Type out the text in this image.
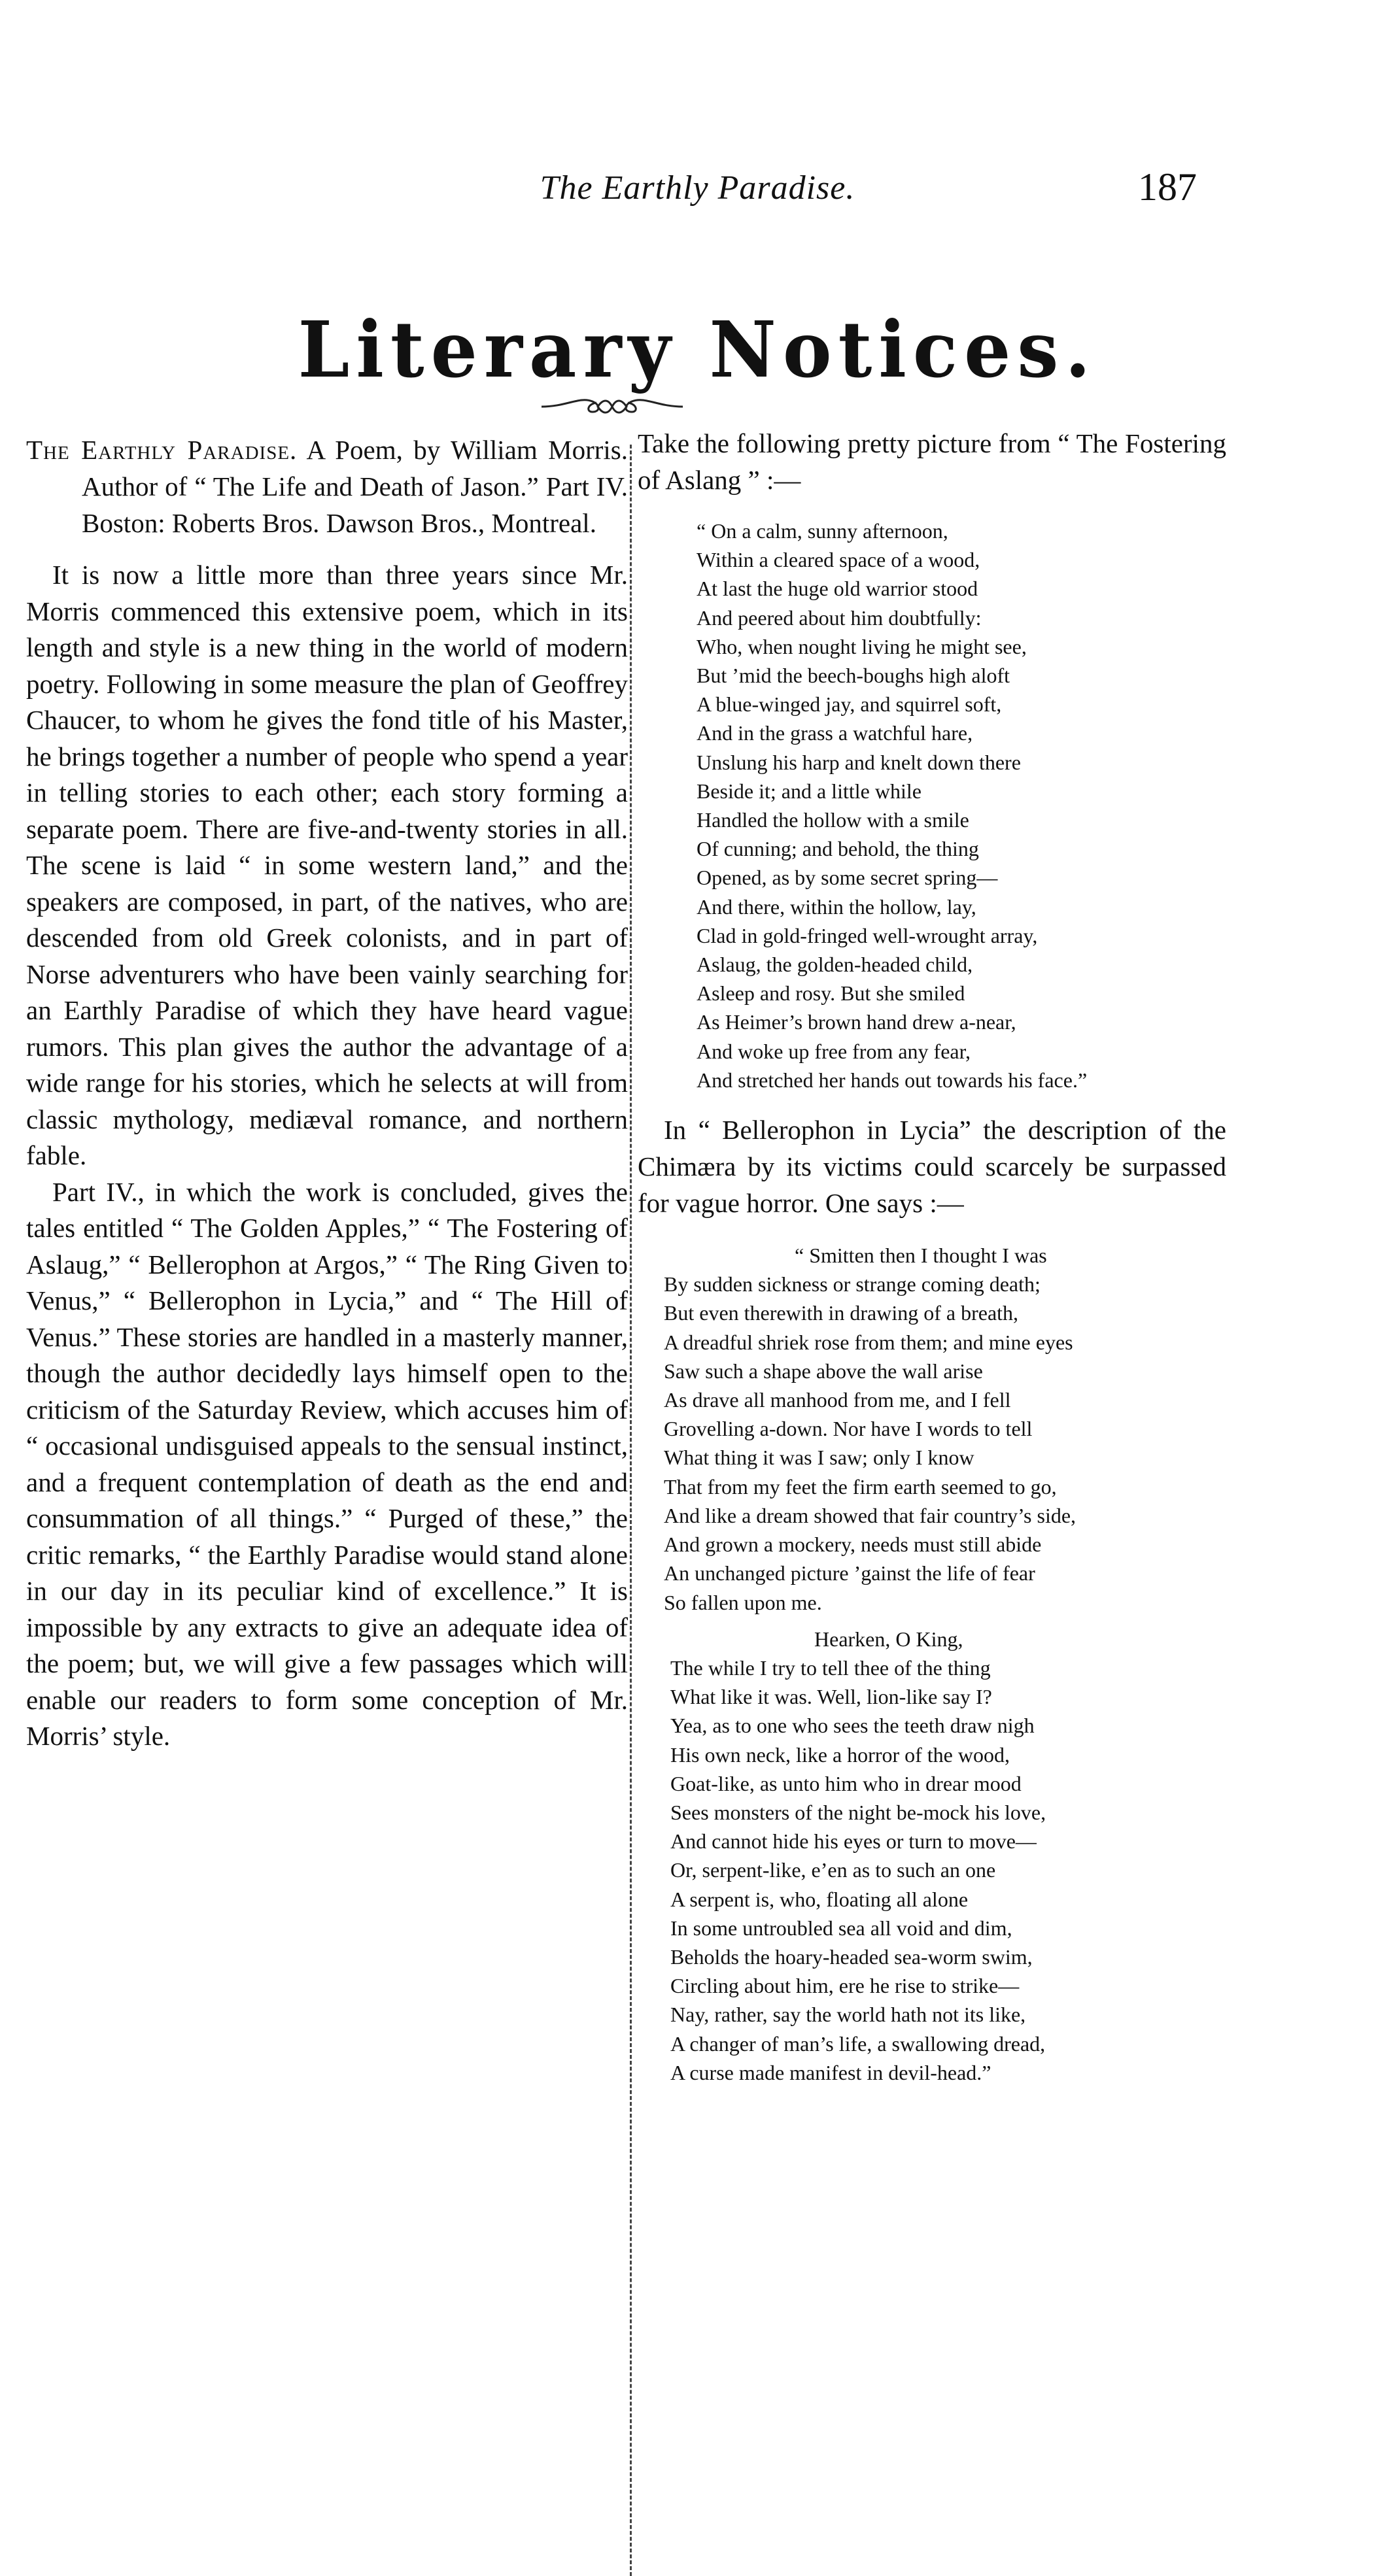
The Earthly Paradise.	187
Literary Notices.

The Earthly Paradise. A Poem, by William Morris. Author of “ The Life and Death of Jason.” Part IV. Boston: Roberts Bros. Dawson Bros., Montreal.

It is now a little more than three years since Mr. Morris commenced this extensive poem, which in its length and style is a new thing in the world of modern poetry. Following in some measure the plan of Geoffrey Chaucer, to whom he gives the fond title of his Master, he brings together a number of people who spend a year in telling stories to each other; each story forming a separate poem. There are five-and-twenty stories in all. The scene is laid “ in some western land,” and the speakers are composed, in part, of the natives, who are descended from old Greek colonists, and in part of Norse adventurers who have been vainly searching for an Earthly Paradise of which they have heard vague rumors. This plan gives the author the advantage of a wide range for his stories, which he selects at will from classic mythology, mediæval romance, and northern fable.

Part IV., in which the work is concluded, gives the tales entitled “ The Golden Apples,” “ The Fostering of Aslaug,” “ Bellerophon at Argos,” “ The Ring Given to Venus,” “ Bellerophon in Lycia,” and “ The Hill of Venus.” These stories are handled in a masterly manner, though the author decidedly lays himself open to the criticism of the Saturday Review, which accuses him of “ occasional undisguised appeals to the sensual instinct, and a frequent contemplation of death as the end and consummation of all things.” “ Purged of these,” the critic remarks, “ the Earthly Paradise would stand alone in our day in its peculiar kind of excellence.” It is impossible by any extracts to give an adequate idea of the poem; but, we will give a few passages which will enable our readers to form some conception of Mr. Morris’ style.

Take the following pretty picture from “ The Fostering of Aslang ” :—

“ On a calm, sunny afternoon,
Within a cleared space of a wood,
At last the huge old warrior stood
And peered about him doubtfully:
Who, when nought living he might see,
But ’mid the beech-boughs high aloft
A blue-winged jay, and squirrel soft,
And in the grass a watchful hare,
Unslung his harp and knelt down there
Beside it; and a little while
Handled the hollow with a smile
Of cunning; and behold, the thing
Opened, as by some secret spring—
And there, within the hollow, lay,
Clad in gold-fringed well-wrought array,
Aslaug, the golden-headed child,
Asleep and rosy. But she smiled
As Heimer’s brown hand drew a-near,
And woke up free from any fear,
And stretched her hands out towards his face.”

In “ Bellerophon in Lycia” the description of the Chimæra by its victims could scarcely be surpassed for vague horror. One says :—

“ Smitten then I thought I was
By sudden sickness or strange coming death;
But even therewith in drawing of a breath,
A dreadful shriek rose from them; and mine eyes
Saw such a shape above the wall arise
As drave all manhood from me, and I fell
Grovelling a-down. Nor have I words to tell
What thing it was I saw; only I know
That from my feet the firm earth seemed to go,
And like a dream showed that fair country’s side,
And grown a mockery, needs must still abide
An unchanged picture ’gainst the life of fear
So fallen upon me.
Hearken, O King,
The while I try to tell thee of the thing
What like it was. Well, lion-like say I?
Yea, as to one who sees the teeth draw nigh
His own neck, like a horror of the wood,
Goat-like, as unto him who in drear mood
Sees monsters of the night be-mock his love,
And cannot hide his eyes or turn to move—
Or, serpent-like, e’en as to such an one
A serpent is, who, floating all alone
In some untroubled sea all void and dim,
Beholds the hoary-headed sea-worm swim,
Circling about him, ere he rise to strike—
Nay, rather, say the world hath not its like,
A changer of man’s life, a swallowing dread,
A curse made manifest in devil-head.”
